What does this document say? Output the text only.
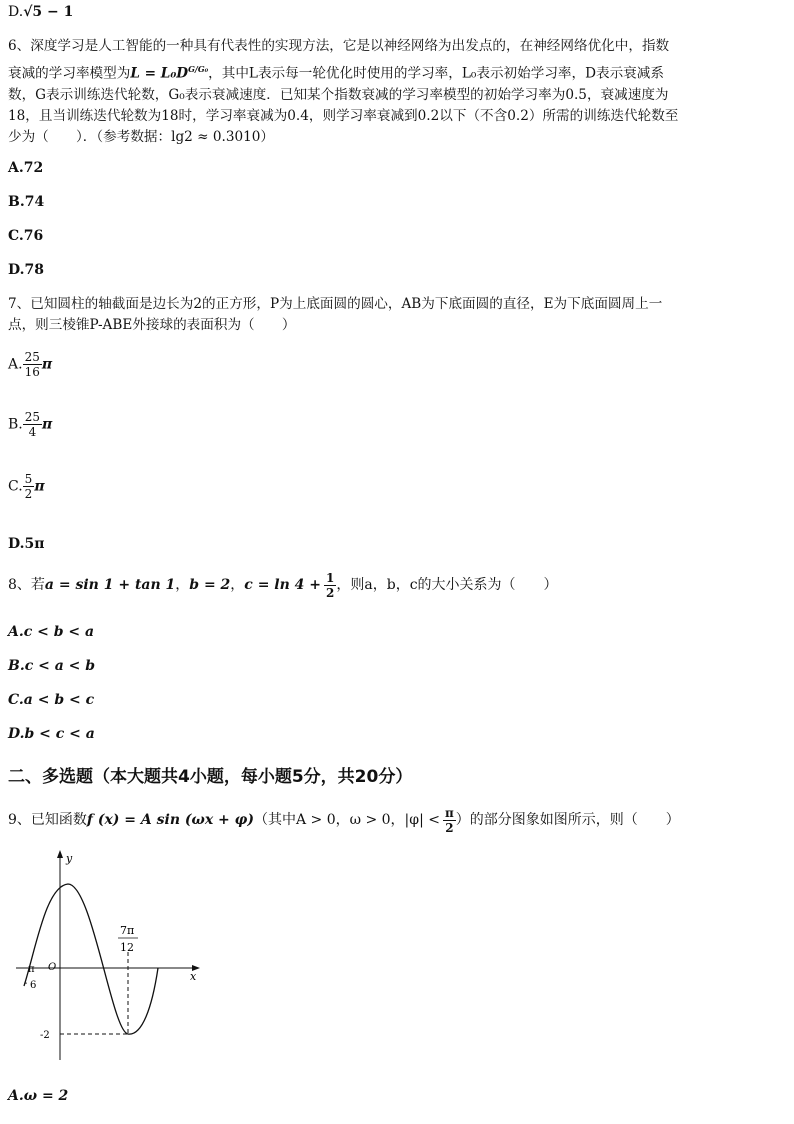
D.√5 − 1
6、深度学习是人工智能的一种具有代表性的实现方法，它是以神经网络为出发点的，在神经网络优化中，指数
衰减的学习率模型为$L = L_0D^{G/G_0}$，其中L表示每一轮优化时使用的学习率，L₀表示初始学习率，D表示衰减系
数，G表示训练迭代轮数，G₀表示衰减速度．已知某个指数衰减的学习率模型的初始学习率为0.5，衰减速度为
18，且当训练迭代轮数为18时，学习率衰减为0.4，则学习率衰减到0.2以下（不含0.2）所需的训练迭代轮数至
少为（　　）．（参考数据：lg2 ≈ 0.3010）
A.72
B.74
C.76
D.78
7、已知圆柱的轴截面是边长为2的正方形，P为上底面圆的圆心，AB为下底面圆的直径，E为下底面圆周上一
点，则三棱锥P-ABE外接球的表面积为（　　）
A. $\frac{25}{16}$ π
B. $\frac{25}{4}$ π
C. $\frac{5}{2}$ π
D.5π
8、若a = sin 1 + tan 1，b = 2，$c = \ln 4 + \frac{1}{2}$ ，则a，b，c的大小关系为（　　）
A.c < b < a
B.c < a < b
C.a < b < c
D.b < c < a
二、多选题（本大题共4小题，每小题5分，共20分）
9、已知函数f (x) = A sin (ωx + φ)（其中A > 0，ω > 0，$|\varphi| < \frac{\pi}{2}$ ）的部分图象如图所示，则（　　）
y
x
O
π
- 6
7π
12
-2
A.ω = 2
